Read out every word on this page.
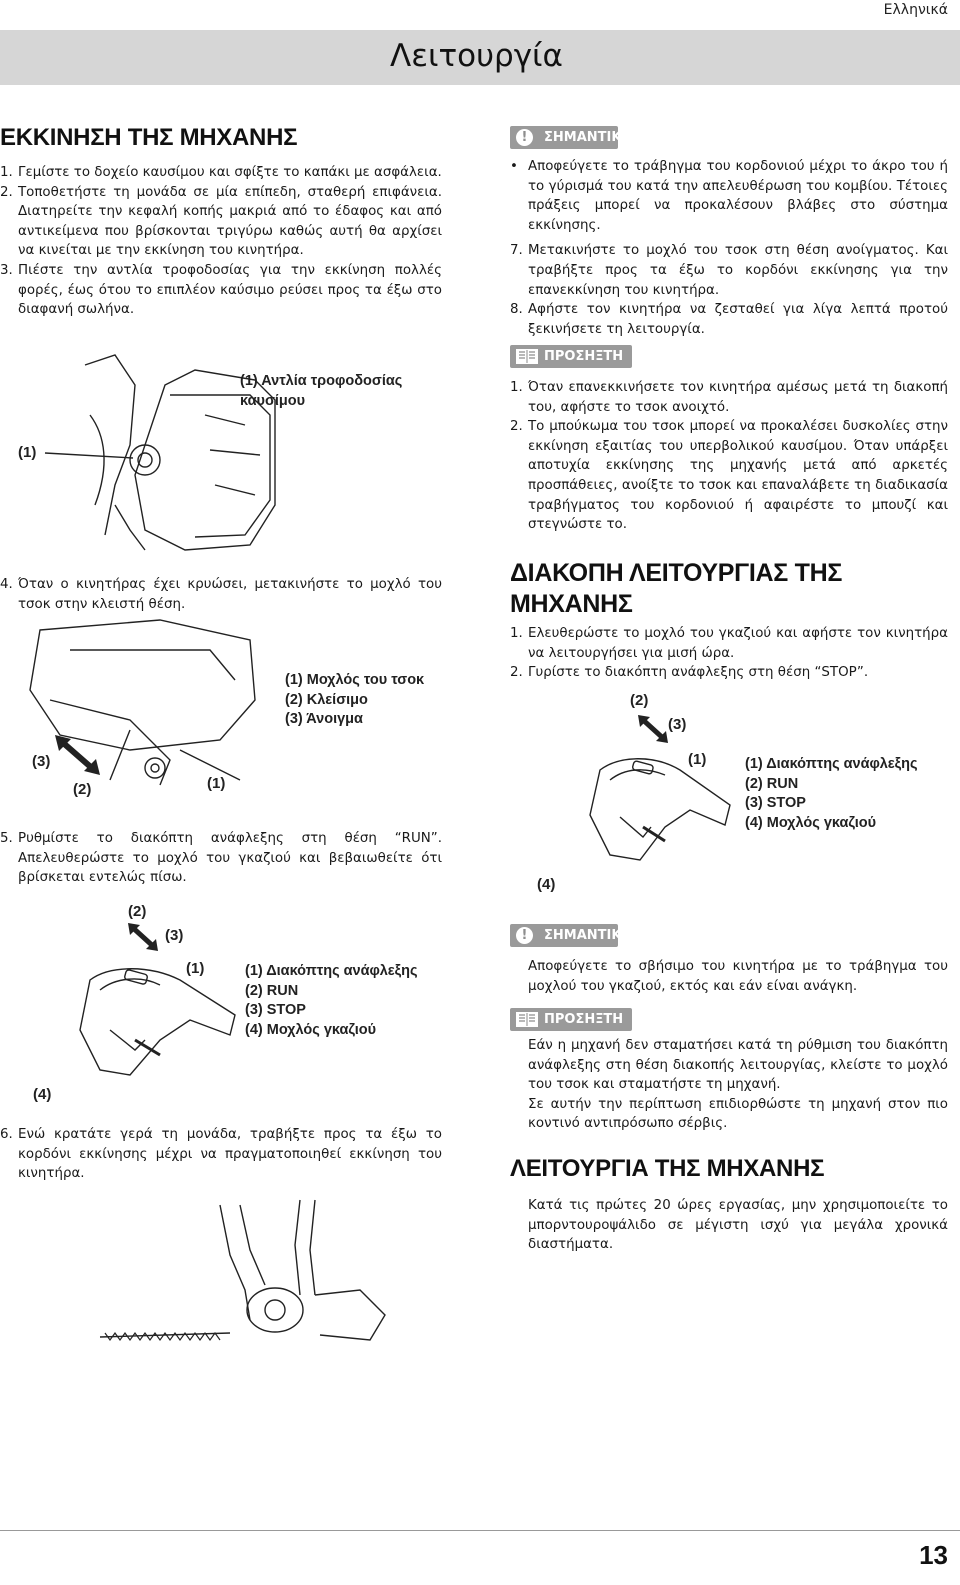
Ελληνικά
Λειτουργία
ΕΚΚΙΝΗΣΗ ΤΗΣ ΜΗΧΑΝΗΣ

1. Γεμίστε το δοχείο καυσίμου και σφίξτε το καπάκι με ασφάλεια.

2. Τοποθετήστε τη μονάδα σε μία επίπεδη, σταθερή επιφάνεια. Διατηρείτε την κεφαλή κοπής μακριά από το έδαφος και από αντικείμενα που βρίσκονται τριγύρω καθώς αυτή θα αρχίσει να κινείται με την εκκίνηση του κινητήρα.

3. Πιέστε την αντλία τροφοδοσίας για την εκκίνηση πολλές φορές, έως ότου το επιπλέον καύσιμο ρεύσει προς τα έξω στο διαφανή σωλήνα.

(1)
(1) Αντλία τροφοδοσίας καυσίμου

4. Όταν ο κινητήρας έχει κρυώσει, μετακινήστε το μοχλό του τσοκ στην κλειστή θέση.

(3)
(2)	(1)
(1) Μοχλός του τσοκ
(2) Κλείσιμο
(3) Άνοιγμα

5. Ρυθμίστε το διακόπτη ανάφλεξης στη θέση “RUN”. Απελευθερώστε το μοχλό του γκαζιού και βεβαιωθείτε ότι βρίσκεται εντελώς πίσω.

(2)
(3)
(1)
(4)
(1) Διακόπτης ανάφλεξης
(2) RUN
(3) STOP
(4) Μοχλός γκαζιού

6. Ενώ κρατάτε γερά τη μονάδα, τραβήξτε προς τα έξω το κορδόνι εκκίνησης μέχρι να πραγματοποιηθεί εκκίνηση του κινητήρα.

!	ΣΗΜΑΝΤΙΚΟ

• Αποφεύγετε το τράβηγμα του κορδονιού μέχρι το άκρο του ή το γύρισμά του κατά την απελευθέρωση του κομβίου. Τέτοιες πράξεις μπορεί να προκαλέσουν βλάβες στο σύστημα εκκίνησης.

7. Μετακινήστε το μοχλό του τσοκ στη θέση ανοίγματος. Και τραβήξτε προς τα έξω το κορδόνι εκκίνησης για την επανεκκίνηση του κινητήρα.

8. Αφήστε τον κινητήρα να ζεσταθεί για λίγα λεπτά προτού ξεκινήσετε τη λειτουργία.

ΠΡΟΣΗΞΤΗ

1. Όταν επανεκκινήσετε τον κινητήρα αμέσως μετά τη διακοπή του, αφήστε το τσοκ ανοιχτό.

2. Το μπούκωμα του τσοκ μπορεί να προκαλέσει δυσκολίες στην εκκίνηση εξαιτίας του υπερβολικού καυσίμου. Όταν υπάρξει αποτυχία εκκίνησης της μηχανής μετά από αρκετές προσπάθειες, ανοίξτε το τσοκ και επαναλάβετε τη διαδικασία τραβήγματος του κορδονιού ή αφαιρέστε το μπουζί και στεγνώστε το.

ΔΙΑΚΟΠΗ ΛΕΙΤΟΥΡΓΙΑΣ ΤΗΣ ΜΗΧΑΝΗΣ

1. Ελευθερώστε το μοχλό του γκαζιού και αφήστε τον κινητήρα να λειτουργήσει για μισή ώρα.

2. Γυρίστε το διακόπτη ανάφλεξης στη θέση “STOP”.

(2)
(3)
(1)
(4)
(1) Διακόπτης ανάφλεξης
(2) RUN
(3) STOP
(4) Μοχλός γκαζιού
!	ΣΗΜΑΝΤΙΚΟ

Αποφεύγετε το σβήσιμο του κινητήρα με το τράβηγμα του μοχλού του γκαζιού, εκτός και εάν είναι ανάγκη.

ΠΡΟΣΗΞΤΗ

Εάν η μηχανή δεν σταματήσει κατά τη ρύθμιση του διακόπτη ανάφλεξης στη θέση διακοπής λειτουργίας, κλείστε το μοχλό του τσοκ και σταματήστε τη μηχανή.

Σε αυτήν την περίπτωση επιδιορθώστε τη μηχανή στον πιο κοντινό αντιπρόσωπο σέρβις.

ΛΕΙΤΟΥΡΓΙΑ ΤΗΣ ΜΗΧΑΝΗΣ

Κατά τις πρώτες 20 ώρες εργασίας, μην χρησιμοποιείτε το μπορντουροψάλιδο σε μέγιστη ισχύ για μεγάλα χρονικά διαστήματα.

13
